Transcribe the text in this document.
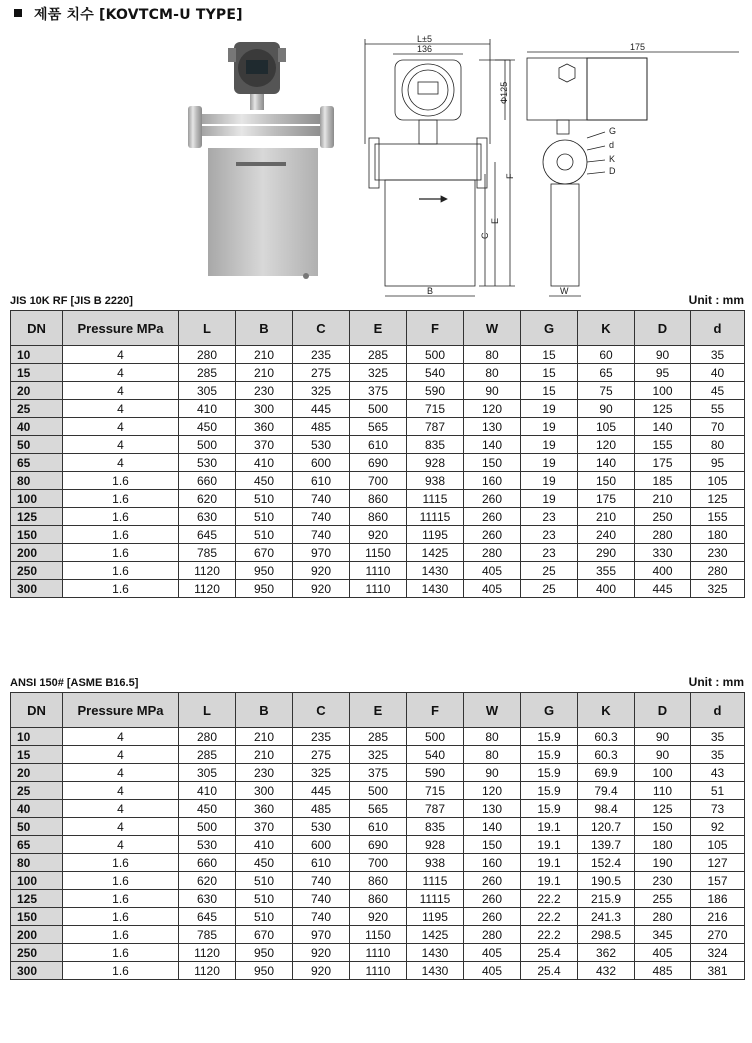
제품 치수 [KOVTCM-U TYPE]
L±5
136
Φ125
F
E
C
B
175
G
d
K
D
W
JIS 10K RF [JIS B 2220]	Unit : mm
DN	Pressure MPa	L	B	C	E	F	W	G	K	D	d
10	4	280	210	235	285	500	80	15	60	90	35
15	4	285	210	275	325	540	80	15	65	95	40
20	4	305	230	325	375	590	90	15	75	100	45
25	4	410	300	445	500	715	120	19	90	125	55
40	4	450	360	485	565	787	130	19	105	140	70
50	4	500	370	530	610	835	140	19	120	155	80
65	4	530	410	600	690	928	150	19	140	175	95
80	1.6	660	450	610	700	938	160	19	150	185	105
100	1.6	620	510	740	860	1115	260	19	175	210	125
125	1.6	630	510	740	860	11115	260	23	210	250	155
150	1.6	645	510	740	920	1195	260	23	240	280	180
200	1.6	785	670	970	1150	1425	280	23	290	330	230
250	1.6	1120	950	920	1110	1430	405	25	355	400	280
300	1.6	1120	950	920	1110	1430	405	25	400	445	325
ANSI 150# [ASME B16.5]	Unit : mm
DN	Pressure MPa	L	B	C	E	F	W	G	K	D	d
10	4	280	210	235	285	500	80	15.9	60.3	90	35
15	4	285	210	275	325	540	80	15.9	60.3	90	35
20	4	305	230	325	375	590	90	15.9	69.9	100	43
25	4	410	300	445	500	715	120	15.9	79.4	110	51
40	4	450	360	485	565	787	130	15.9	98.4	125	73
50	4	500	370	530	610	835	140	19.1	120.7	150	92
65	4	530	410	600	690	928	150	19.1	139.7	180	105
80	1.6	660	450	610	700	938	160	19.1	152.4	190	127
100	1.6	620	510	740	860	1115	260	19.1	190.5	230	157
125	1.6	630	510	740	860	11115	260	22.2	215.9	255	186
150	1.6	645	510	740	920	1195	260	22.2	241.3	280	216
200	1.6	785	670	970	1150	1425	280	22.2	298.5	345	270
250	1.6	1120	950	920	1110	1430	405	25.4	362	405	324
300	1.6	1120	950	920	1110	1430	405	25.4	432	485	381
